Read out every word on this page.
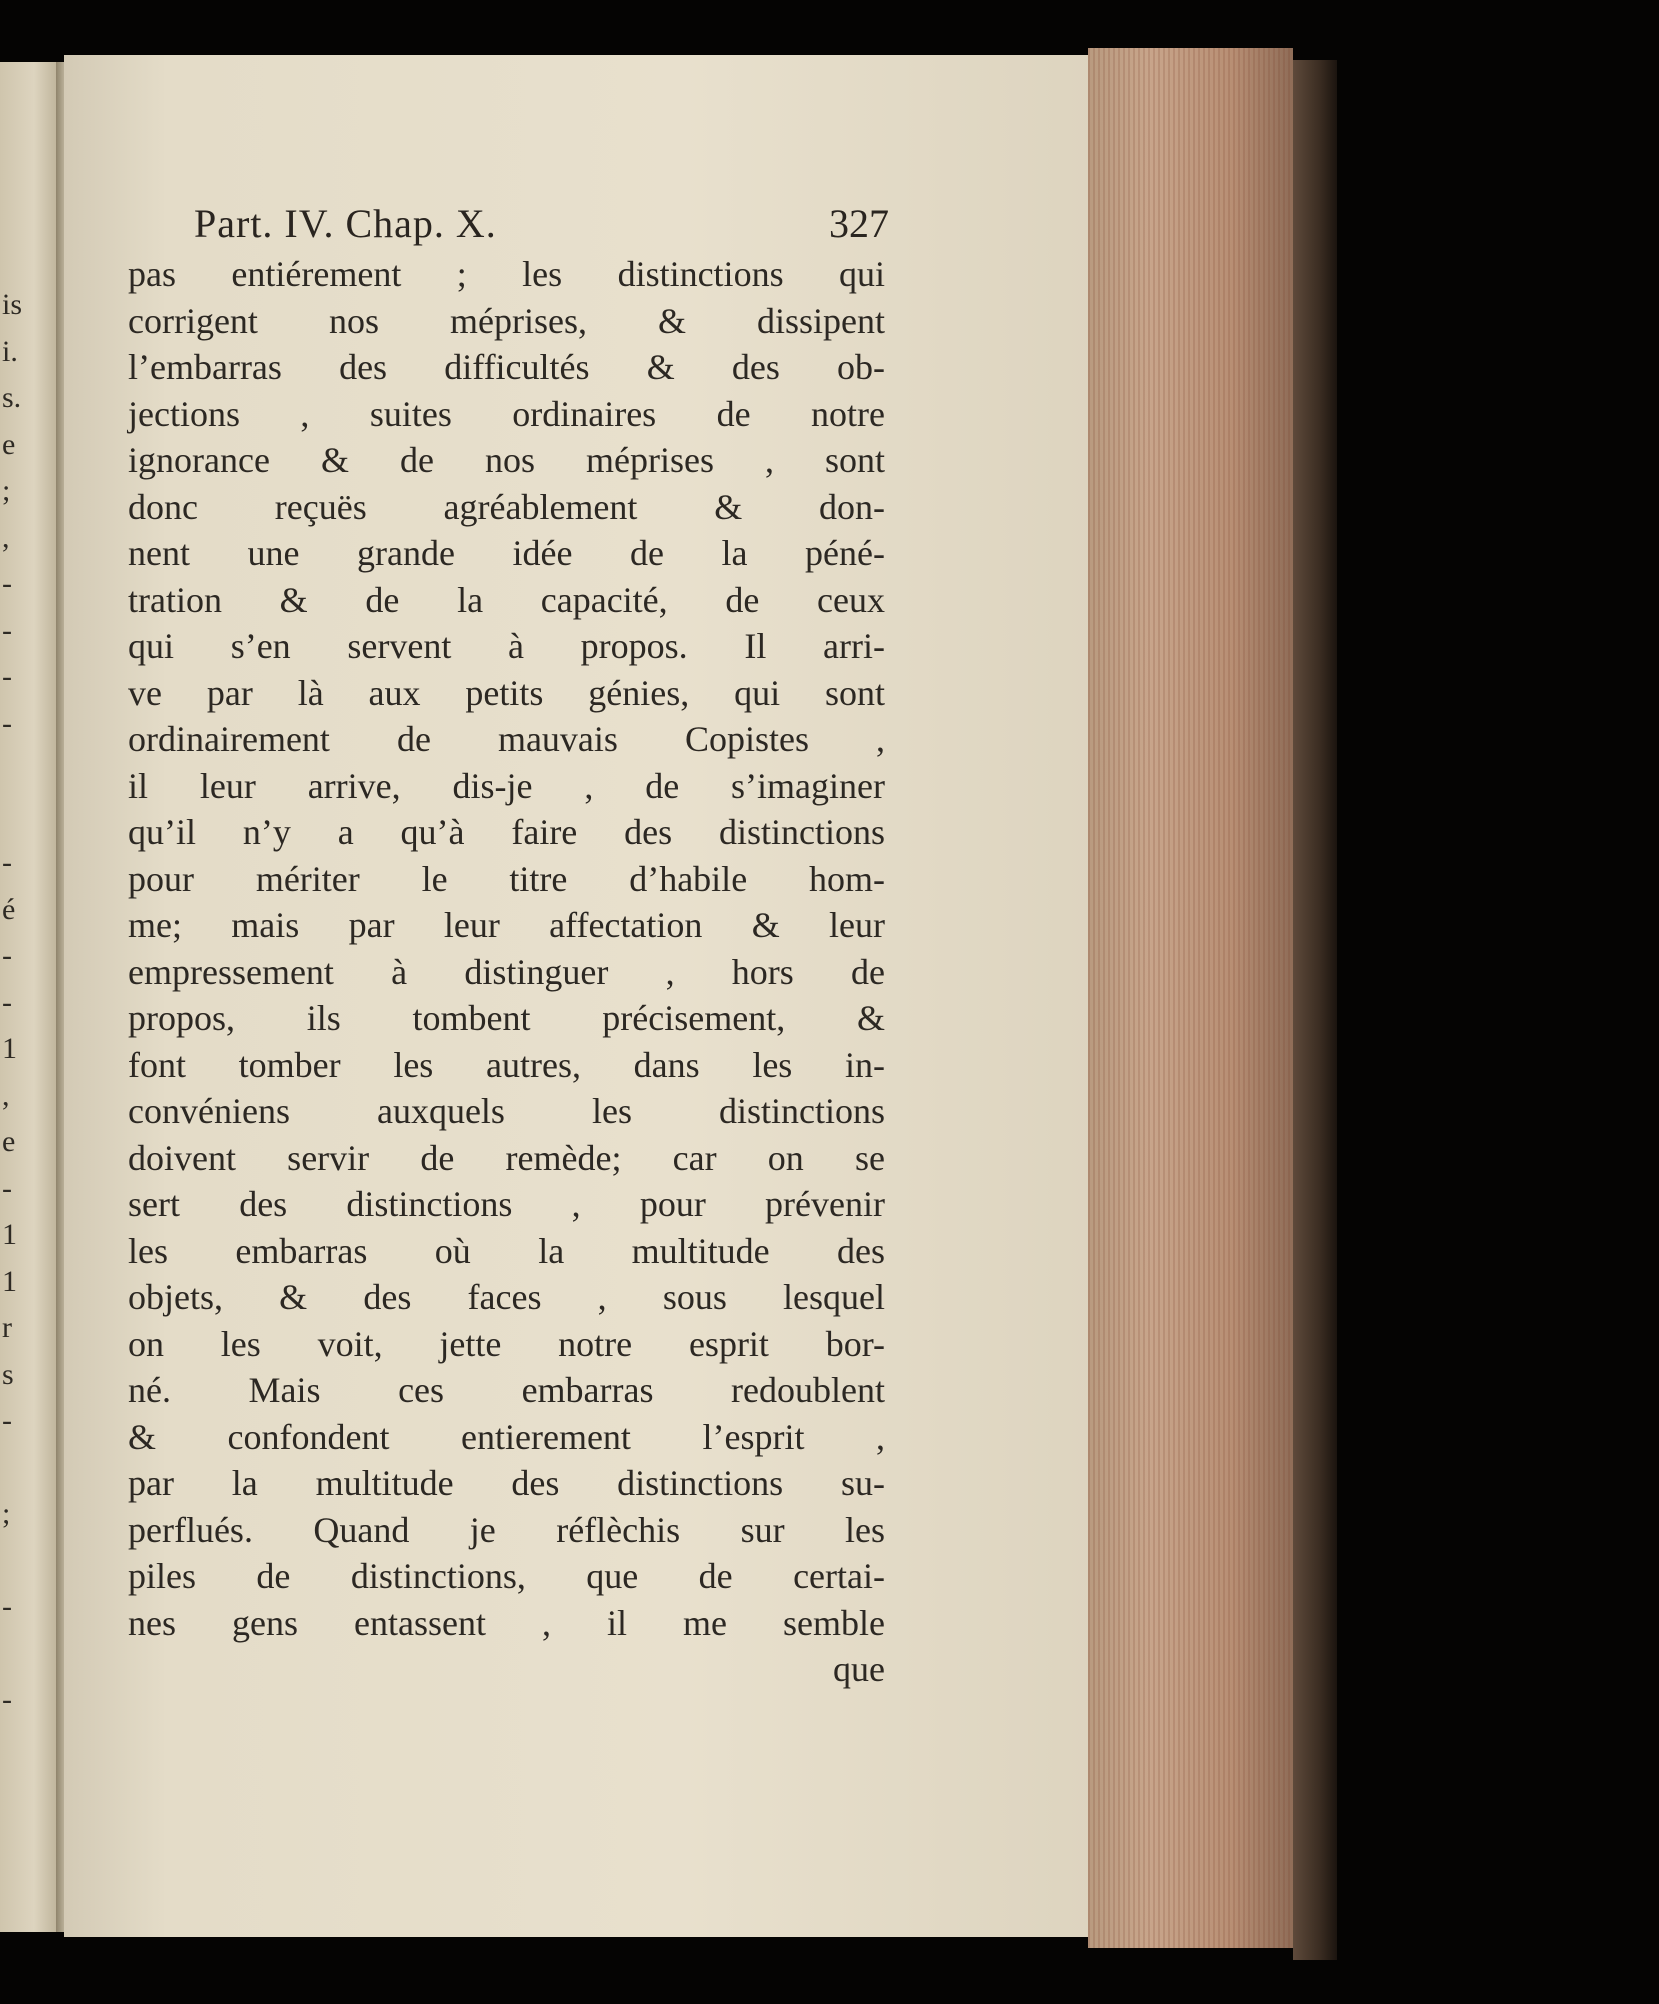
is
i.
s.
e
;
,
-
-
-
-

-
é
-
-
1
,
e
-
1
1
r
s
-

;

-

-
Part. IV. Chap. X.	327
pas entiérement ; les distinctions qui
corrigent nos méprises, & dissipent
l’embarras des difficultés & des ob-
jections , suites ordinaires de notre
ignorance & de nos méprises , sont
donc reçuës agréablement & don-
nent une grande idée de la péné-
tration & de la capacité, de ceux
qui s’en servent à propos. Il arri-
ve par là aux petits génies, qui sont
ordinairement de mauvais Copistes ,
il leur arrive, dis-je , de s’imaginer
qu’il n’y a qu’à faire des distinctions
pour mériter le titre d’habile hom-
me; mais par leur affectation & leur
empressement à distinguer , hors de
propos, ils tombent précisement, &
font tomber les autres, dans les in-
convéniens auxquels les distinctions
doivent servir de remède; car on se
sert des distinctions , pour prévenir
les embarras où la multitude des
objets, & des faces , sous lesquel
on les voit, jette notre esprit bor-
né. Mais ces embarras redoublent
& confondent entierement l’esprit ,
par la multitude des distinctions su-
perflués. Quand je réflèchis sur les
piles de distinctions, que de certai-
nes gens entassent , il me semble
que
